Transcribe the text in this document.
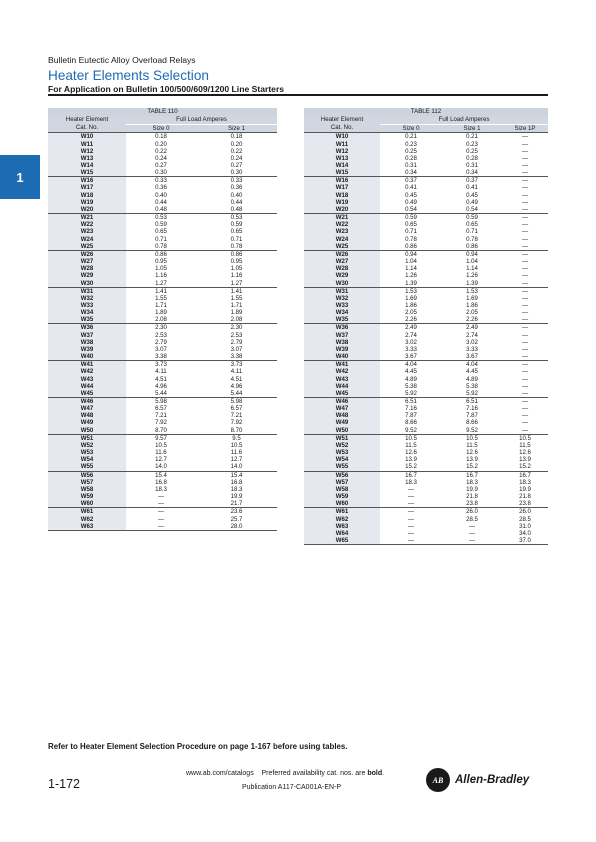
Bulletin Eutectic Alloy Overload Relays
Heater Elements Selection
For Application on Bulletin 100/500/609/1200 Line Starters
1
TABLE 110		
Heater Element	Full Load Amperes	
Cat. No.	Size 0	Size 1
W10	0.18	0.18
W11	0.20	0.20
W12	0.22	0.22
W13	0.24	0.24
W14	0.27	0.27
W15	0.30	0.30
W16	0.33	0.33
W17	0.36	0.36
W18	0.40	0.40
W19	0.44	0.44
W20	0.48	0.48
W21	0.53	0.53
W22	0.59	0.59
W23	0.65	0.65
W24	0.71	0.71
W25	0.78	0.78
W26	0.86	0.86
W27	0.95	0.95
W28	1.05	1.05
W29	1.16	1.16
W30	1.27	1.27
W31	1.41	1.41
W32	1.55	1.55
W33	1.71	1.71
W34	1.89	1.89
W35	2.08	2.08
W36	2.30	2.30
W37	2.53	2.53
W38	2.79	2.79
W39	3.07	3.07
W40	3.38	3.38
W41	3.73	3.73
W42	4.11	4.11
W43	4.51	4.51
W44	4.96	4.96
W45	5.44	5.44
W46	5.98	5.98
W47	6.57	6.57
W48	7.21	7.21
W49	7.92	7.92
W50	8.70	8.70
W51	9.57	9.5
W52	10.5	10.5
W53	11.6	11.6
W54	12.7	12.7
W55	14.0	14.0
W56	15.4	15.4
W57	16.8	16.8
W58	18.3	18.3
W59	—	19.9
W60	—	21.7
W61	—	23.6
W62	—	25.7
W63	—	28.0
TABLE 112			
Heater Element	Full Load Amperes		
Cat. No.	Size 0	Size 1	Size 1P
W10	0.21	0.21	—
W11	0.23	0.23	—
W12	0.25	0.25	—
W13	0.28	0.28	—
W14	0.31	0.31	—
W15	0.34	0.34	—
W16	0.37	0.37	—
W17	0.41	0.41	—
W18	0.45	0.45	—
W19	0.49	0.49	—
W20	0.54	0.54	—
W21	0.59	0.59	—
W22	0.65	0.65	—
W23	0.71	0.71	—
W24	0.78	0.78	—
W25	0.86	0.86	—
W26	0.94	0.94	—
W27	1.04	1.04	—
W28	1.14	1.14	—
W29	1.26	1.26	—
W30	1.39	1.39	—
W31	1.53	1.53	—
W32	1.69	1.69	—
W33	1.86	1.86	—
W34	2.05	2.05	—
W35	2.26	2.26	—
W36	2.49	2.49	—
W37	2.74	2.74	—
W38	3.02	3.02	—
W39	3.33	3.33	—
W40	3.67	3.67	—
W41	4.04	4.04	—
W42	4.45	4.45	—
W43	4.89	4.89	—
W44	5.38	5.38	—
W45	5.92	5.92	—
W46	6.51	6.51	—
W47	7.16	7.16	—
W48	7.87	7.87	—
W49	8.66	8.66	—
W50	9.52	9.52	—
W51	10.5	10.5	10.5
W52	11.5	11.5	11.5
W53	12.6	12.6	12.6
W54	13.9	13.9	13.9
W55	15.2	15.2	15.2
W56	16.7	16.7	16.7
W57	18.3	18.3	18.3
W58	—	19.9	19.9
W59	—	21.8	21.8
W60	—	23.8	23.8
W61	—	26.0	26.0
W62	—	28.5	28.5
W63	—	—	31.0
W64	—	—	34.0
W65	—	—	37.0
Refer to Heater Element Selection Procedure on page 1-167 before using tables.
1-172
www.ab.com/catalogs Preferred availability cat. nos. are bold.
Publication A117-CA001A-EN-P
AB	Allen-Bradley
